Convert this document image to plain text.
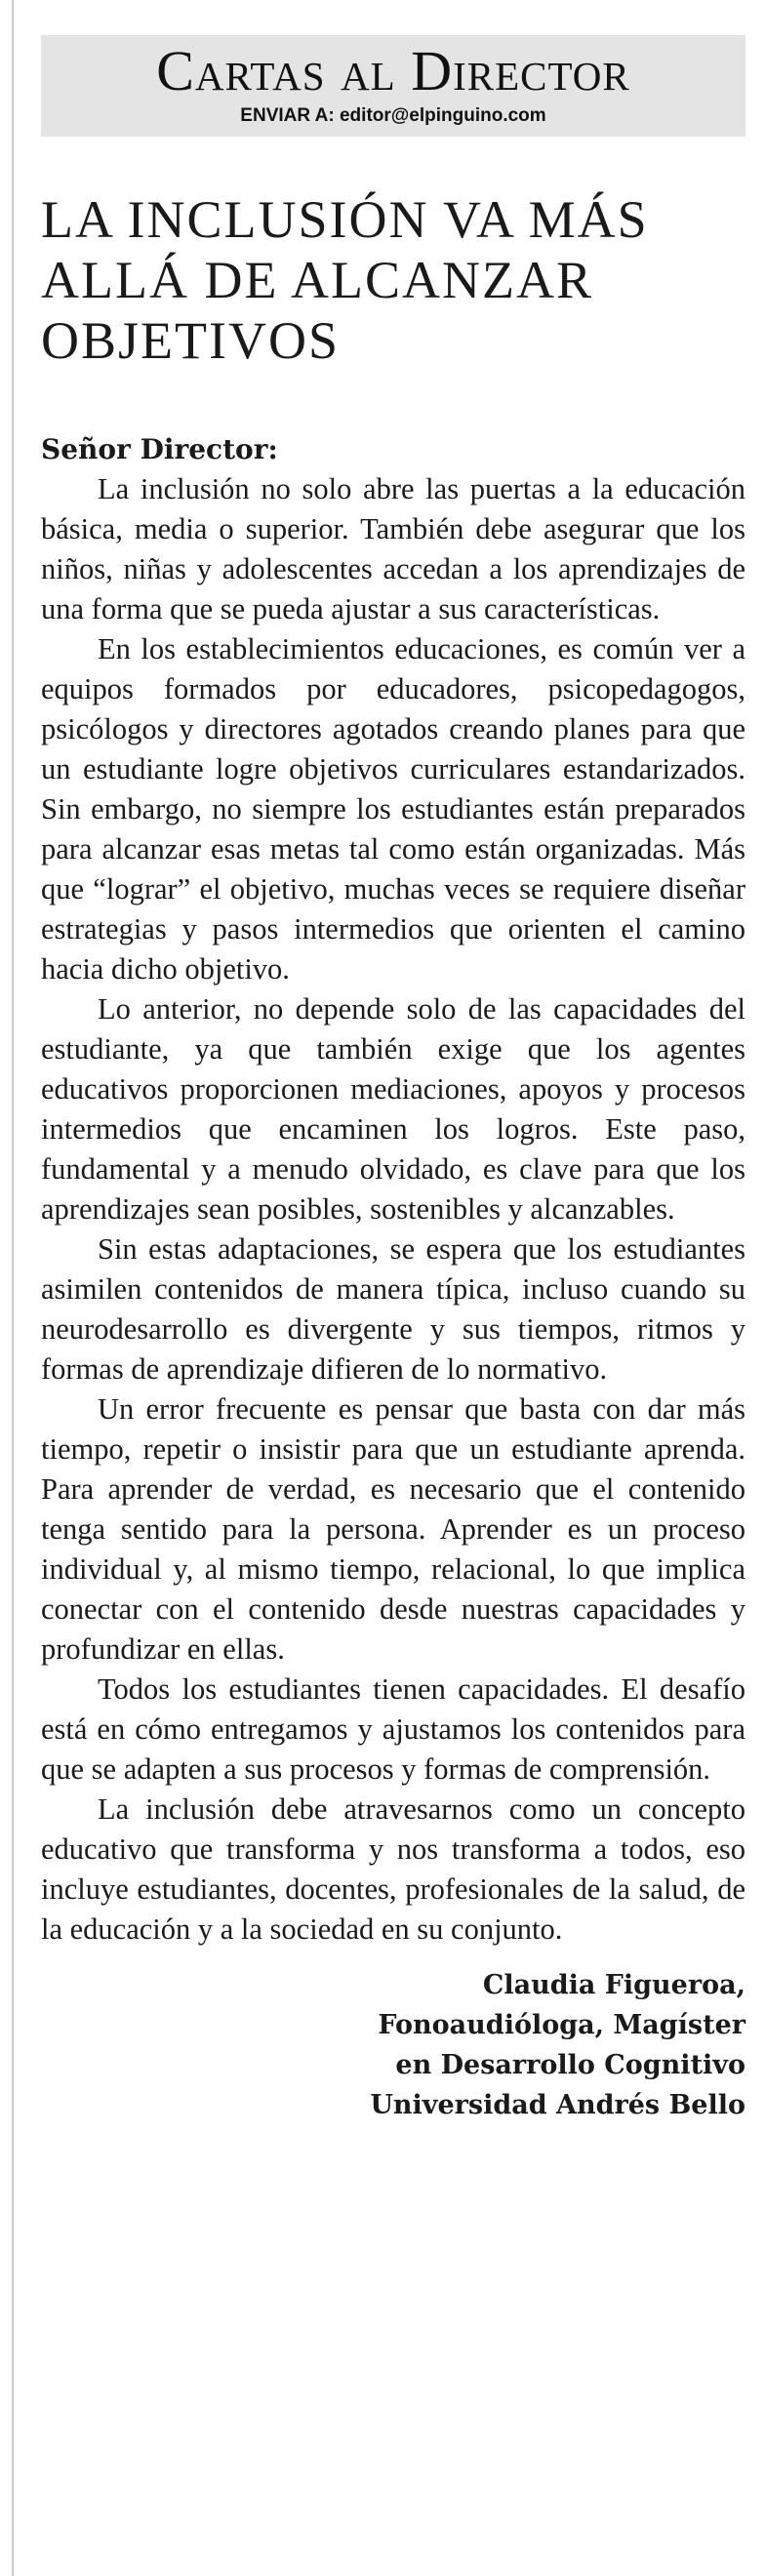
Cartas al Director
ENVIAR A: editor@elpinguino.com
LA INCLUSIÓN VA MÁS ALLÁ DE ALCANZAR OBJETIVOS
Señor Director:

La inclusión no solo abre las puertas a la educación básica, media o superior. También debe asegurar que los niños, niñas y adolescentes accedan a los aprendizajes de una forma que se pueda ajustar a sus características.

En los establecimientos educaciones, es común ver a equipos formados por educadores, psicopedagogos, psicólogos y directores agotados creando planes para que un estudiante logre objetivos curriculares estandarizados. Sin embargo, no siempre los estudiantes están preparados para alcanzar esas metas tal como están organizadas. Más que “lograr” el objetivo, muchas veces se requiere diseñar estrategias y pasos intermedios que orienten el camino hacia dicho objetivo.

Lo anterior, no depende solo de las capacidades del estudiante, ya que también exige que los agentes educativos proporcionen mediaciones, apoyos y procesos intermedios que encaminen los logros. Este paso, fundamental y a menudo olvidado, es clave para que los aprendizajes sean posibles, sostenibles y alcanzables.

Sin estas adaptaciones, se espera que los estudiantes asimilen contenidos de manera típica, incluso cuando su neurodesarrollo es divergente y sus tiempos, ritmos y formas de aprendizaje difieren de lo normativo.

Un error frecuente es pensar que basta con dar más tiempo, repetir o insistir para que un estudiante aprenda. Para aprender de verdad, es necesario que el contenido tenga sentido para la persona. Aprender es un proceso individual y, al mismo tiempo, relacional, lo que implica conectar con el contenido desde nuestras capacidades y profundizar en ellas.

Todos los estudiantes tienen capacidades. El desafío está en cómo entregamos y ajustamos los contenidos para que se adapten a sus procesos y formas de comprensión.

La inclusión debe atravesarnos como un concepto educativo que transforma y nos transforma a todos, eso incluye estudiantes, docentes, profesionales de la salud, de la educación y a la sociedad en su conjunto.

Claudia Figueroa,
Fonoaudióloga, Magíster
en Desarrollo Cognitivo
Universidad Andrés Bello
